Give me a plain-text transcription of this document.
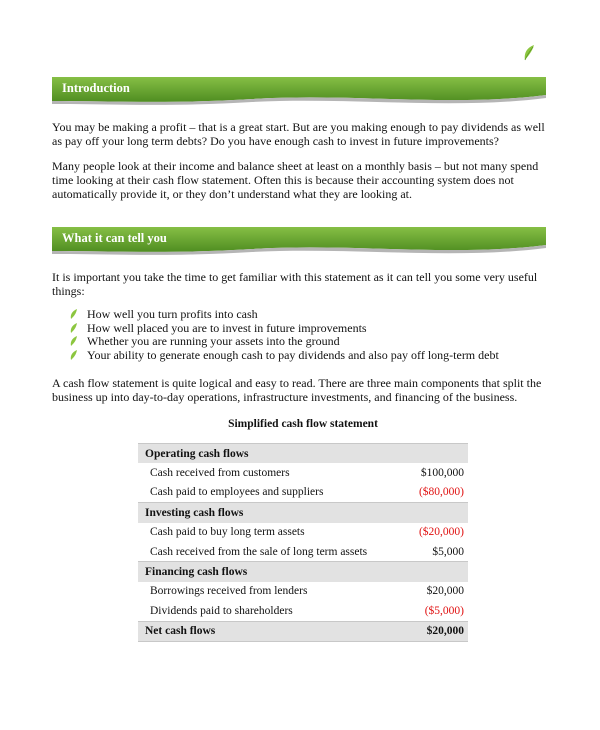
Introduction

You may be making a profit – that is a great start. But are you making enough to pay dividends as well as pay off your long term debts? Do you have enough cash to invest in future improvements?

Many people look at their income and balance sheet at least on a monthly basis – but not many spend time looking at their cash flow statement. Often this is because their accounting system does not automatically provide it, or they don’t understand what they are looking at.

What it can tell you

It is important you take the time to get familiar with this statement as it can tell you some very useful things:

How well you turn profits into cash
How well placed you are to invest in future improvements
Whether you are running your assets into the ground
Your ability to generate enough cash to pay dividends and also pay off long-term debt

A cash flow statement is quite logical and easy to read. There are three main components that split the business up into day-to-day operations, infrastructure investments, and financing of the business.

Simplified cash flow statement
Operating cash flows	
Cash received from customers	$100,000
Cash paid to employees and suppliers	($80,000)
Investing cash flows	
Cash paid to buy long term assets	($20,000)
Cash received from the sale of long term assets	$5,000
Financing cash flows	
Borrowings received from lenders	$20,000
Dividends paid to shareholders	($5,000)
Net cash flows	$20,000
